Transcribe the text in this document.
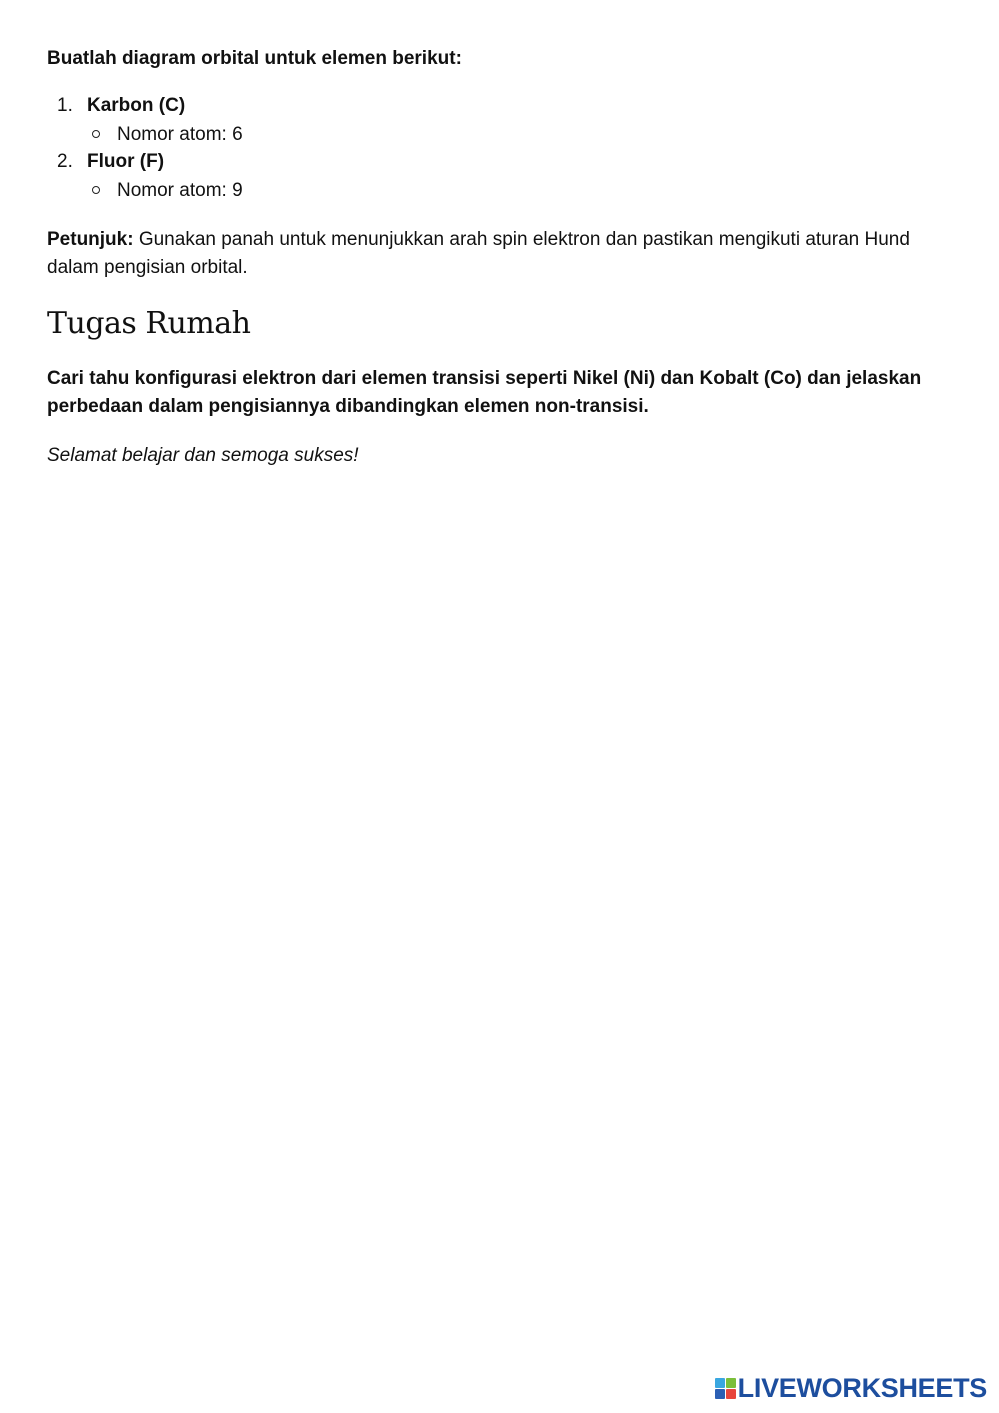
Buatlah diagram orbital untuk elemen berikut:

1. Karbon (C)
Nomor atom: 6
2. Fluor (F)
Nomor atom: 9

Petunjuk: Gunakan panah untuk menunjukkan arah spin elektron dan pastikan mengikuti aturan Hund dalam pengisian orbital.

Tugas Rumah

Cari tahu konfigurasi elektron dari elemen transisi seperti Nikel (Ni) dan Kobalt (Co) dan jelaskan perbedaan dalam pengisiannya dibandingkan elemen non-transisi.

Selamat belajar dan semoga sukses!

LIVEWORKSHEETS
